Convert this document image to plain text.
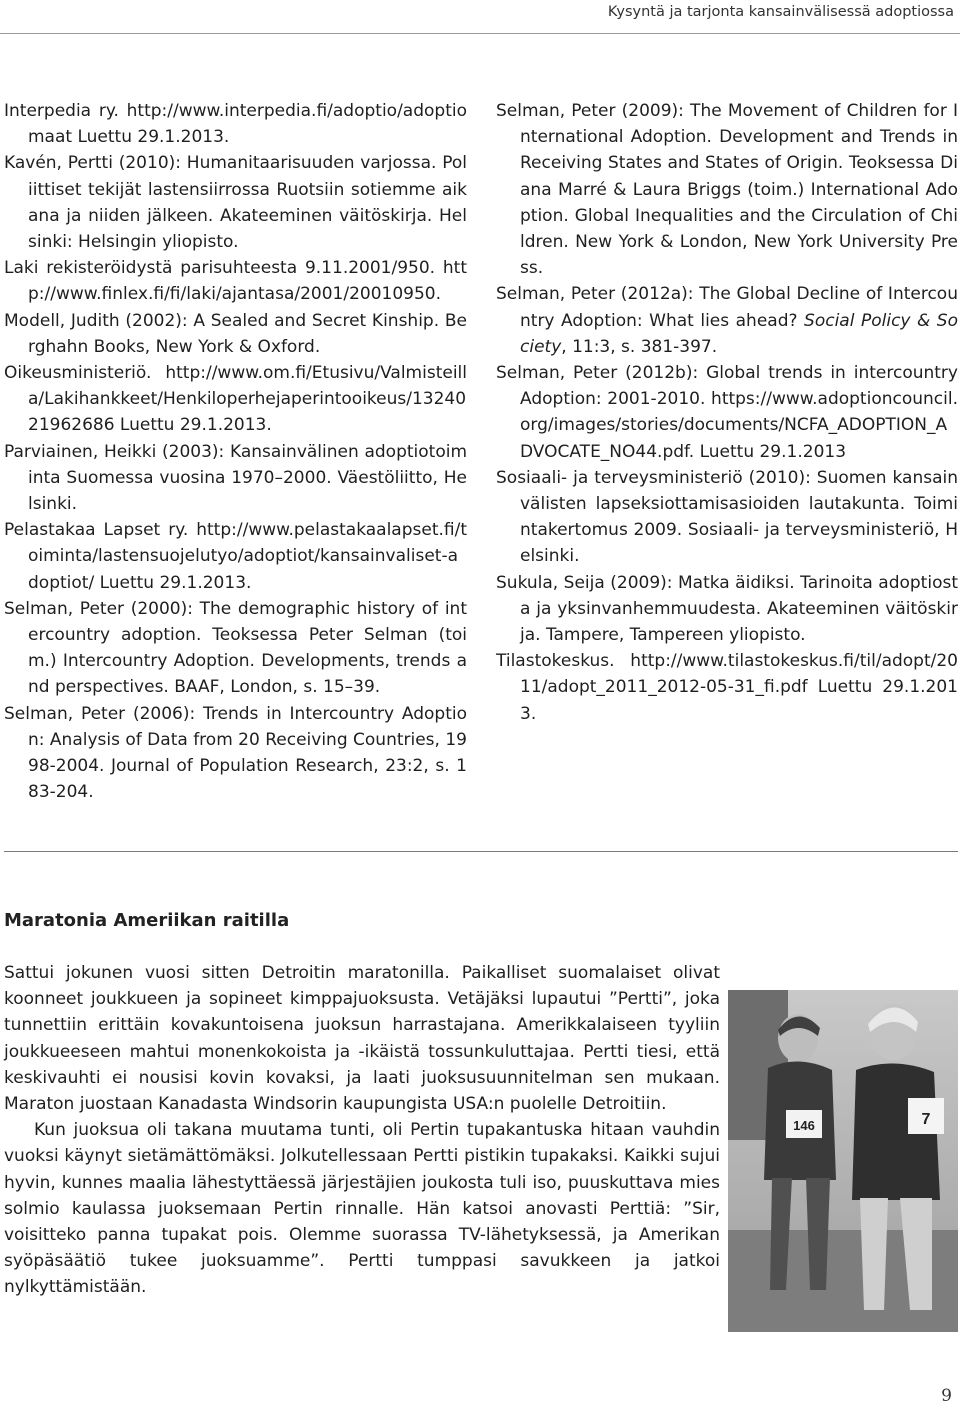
Kysyntä ja tarjonta kansainvälisessä adoptiossa

Interpedia ry. http://www.interpedia.fi/adoptio/adoptiomaat Luettu 29.1.2013.

Kavén, Pertti (2010): Humanitaarisuuden varjossa. Poliittiset tekijät lastensiirrossa Ruotsiin sotiemme aikana ja niiden jälkeen. Akateeminen väitöskirja. Helsinki: Helsingin yliopisto.

Laki rekisteröidystä parisuhteesta 9.11.2001/950. http://www.finlex.fi/fi/laki/ajantasa/2001/20010950.

Modell, Judith (2002): A Sealed and Secret Kinship. Berghahn Books, New York & Oxford.

Oikeusministeriö. http://www.om.fi/Etusivu/Valmisteilla/Lakihankkeet/Henkiloperhejaperintooikeus/1324021962686 Luettu 29.1.2013.

Parviainen, Heikki (2003): Kansainvälinen adoptiotoiminta Suomessa vuosina 1970–2000. Väestöliitto, Helsinki.

Pelastakaa Lapset ry. http://www.pelastakaalapset.fi/toiminta/lastensuojelutyo/adoptiot/kansainvaliset-adoptiot/ Luettu 29.1.2013.

Selman, Peter (2000): The demographic history of intercountry adoption. Teoksessa Peter Selman (toim.) Intercountry Adoption. Developments, trends and perspectives. BAAF, London, s. 15–39.

Selman, Peter (2006): Trends in Intercountry Adoption: Analysis of Data from 20 Receiving Countries, 1998-2004. Journal of Population Research, 23:2, s. 183-204.

Selman, Peter (2009): The Movement of Children for International Adoption. Development and Trends in Receiving States and States of Origin. Teoksessa Diana Marré & Laura Briggs (toim.) International Adoption. Global Inequalities and the Circulation of Children. New York & London, New York University Press.

Selman, Peter (2012a): The Global Decline of Intercountry Adoption: What lies ahead? Social Policy & Society, 11:3, s. 381-397.

Selman, Peter (2012b): Global trends in intercountry Adoption: 2001-2010. https://www.adoptioncouncil.org/images/stories/documents/NCFA_ADOPTION_ADVOCATE_NO44.pdf. Luettu 29.1.2013

Sosiaali- ja terveysministeriö (2010): Suomen kansainvälisten lapseksiottamisasioiden lautakunta. Toimintakertomus 2009. Sosiaali- ja terveysministeriö, Helsinki.

Sukula, Seija (2009): Matka äidiksi. Tarinoita adoptiosta ja yksinvanhemmuudesta. Akateeminen väitöskirja. Tampere, Tampereen yliopisto.

Tilastokeskus. http://www.tilastokeskus.fi/til/adopt/2011/adopt_2011_2012-05-31_fi.pdf Luettu 29.1.2013.

Maratonia Ameriikan raitilla
146	7

Sattui jokunen vuosi sitten Detroitin maratonilla. Paikalliset suomalaiset olivat koonneet joukkueen ja sopineet kimppajuoksusta. Vetäjäksi lupautui ”Pertti”, joka tunnettiin erittäin kovakuntoisena juoksun harrastajana. Amerikkalaiseen tyyliin joukkueeseen mahtui monenkokoista ja -ikäistä tossunkuluttajaa. Pertti tiesi, että keskivauhti ei nousisi kovin kovaksi, ja laati juoksusuunnitelman sen mukaan. Maraton juostaan Kanadasta Windsorin kaupungista USA:n puolelle Detroitiin.

Kun juoksua oli takana muutama tunti, oli Pertin tupakantuska hitaan vauhdin vuoksi käynyt sietämättömäksi. Jolkutellessaan Pertti pistikin tupakaksi. Kaikki sujui hyvin, kunnes maalia lähestyttäessä järjestäjien joukosta tuli iso, puuskuttava mies solmio kaulassa juoksemaan Pertin rinnalle. Hän katsoi anovasti Perttiä: ”Sir, voisitteko panna tupakat pois. Olemme suorassa TV-lähetyksessä, ja Amerikan syöpäsäätiö tukee juoksuamme”. Pertti tumppasi savukkeen ja jatkoi nylkyttämistään.

9
